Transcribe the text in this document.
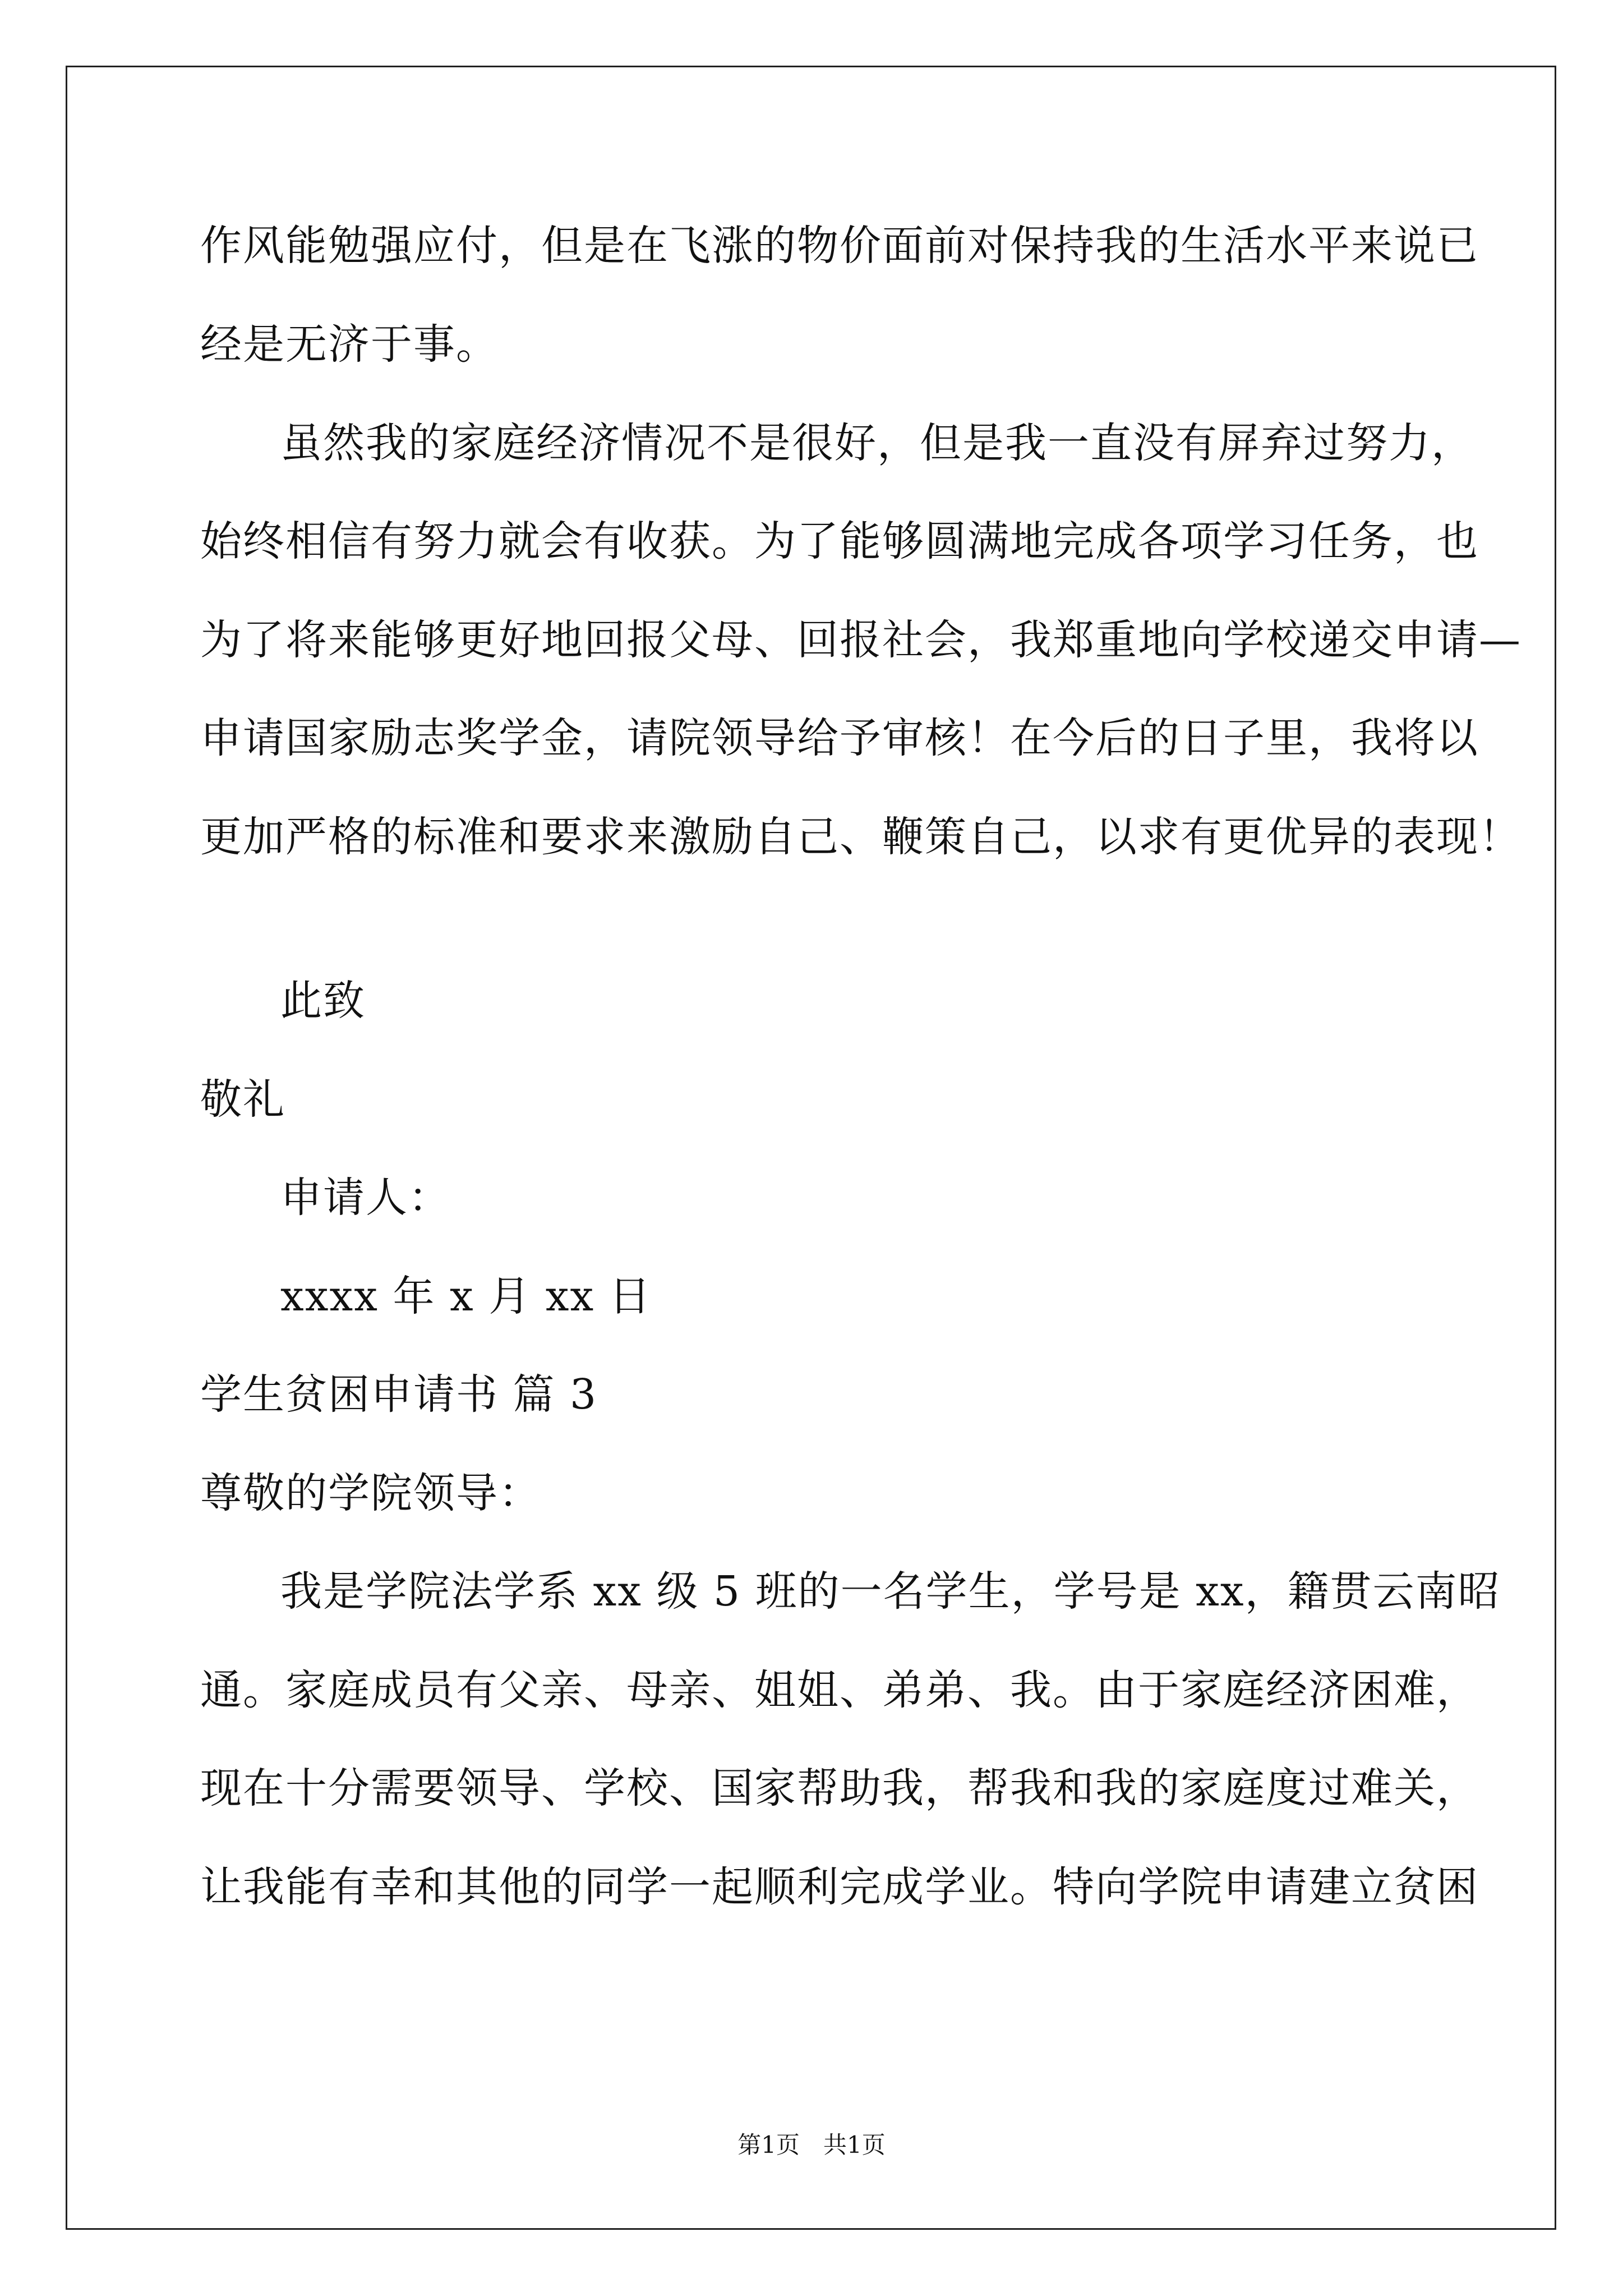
作风能勉强应付，但是在飞涨的物价面前对保持我的生活水平来说已
经是无济于事。
虽然我的家庭经济情况不是很好，但是我一直没有屏弃过努力，
始终相信有努力就会有收获。为了能够圆满地完成各项学习任务，也
为了将来能够更好地回报父母、回报社会，我郑重地向学校递交申请—
申请国家励志奖学金，请院领导给予审核！在今后的日子里，我将以
更加严格的标准和要求来激励自己、鞭策自己，以求有更优异的表现！
此致
敬礼
申请人：
xxxx 年 x 月 xx 日
学生贫困申请书 篇 3
尊敬的学院领导：
我是学院法学系 xx 级 5 班的一名学生，学号是 xx，籍贯云南昭
通。家庭成员有父亲、母亲、姐姐、弟弟、我。由于家庭经济困难，
现在十分需要领导、学校、国家帮助我，帮我和我的家庭度过难关，
让我能有幸和其他的同学一起顺利完成学业。特向学院申请建立贫困
第1页　共1页
